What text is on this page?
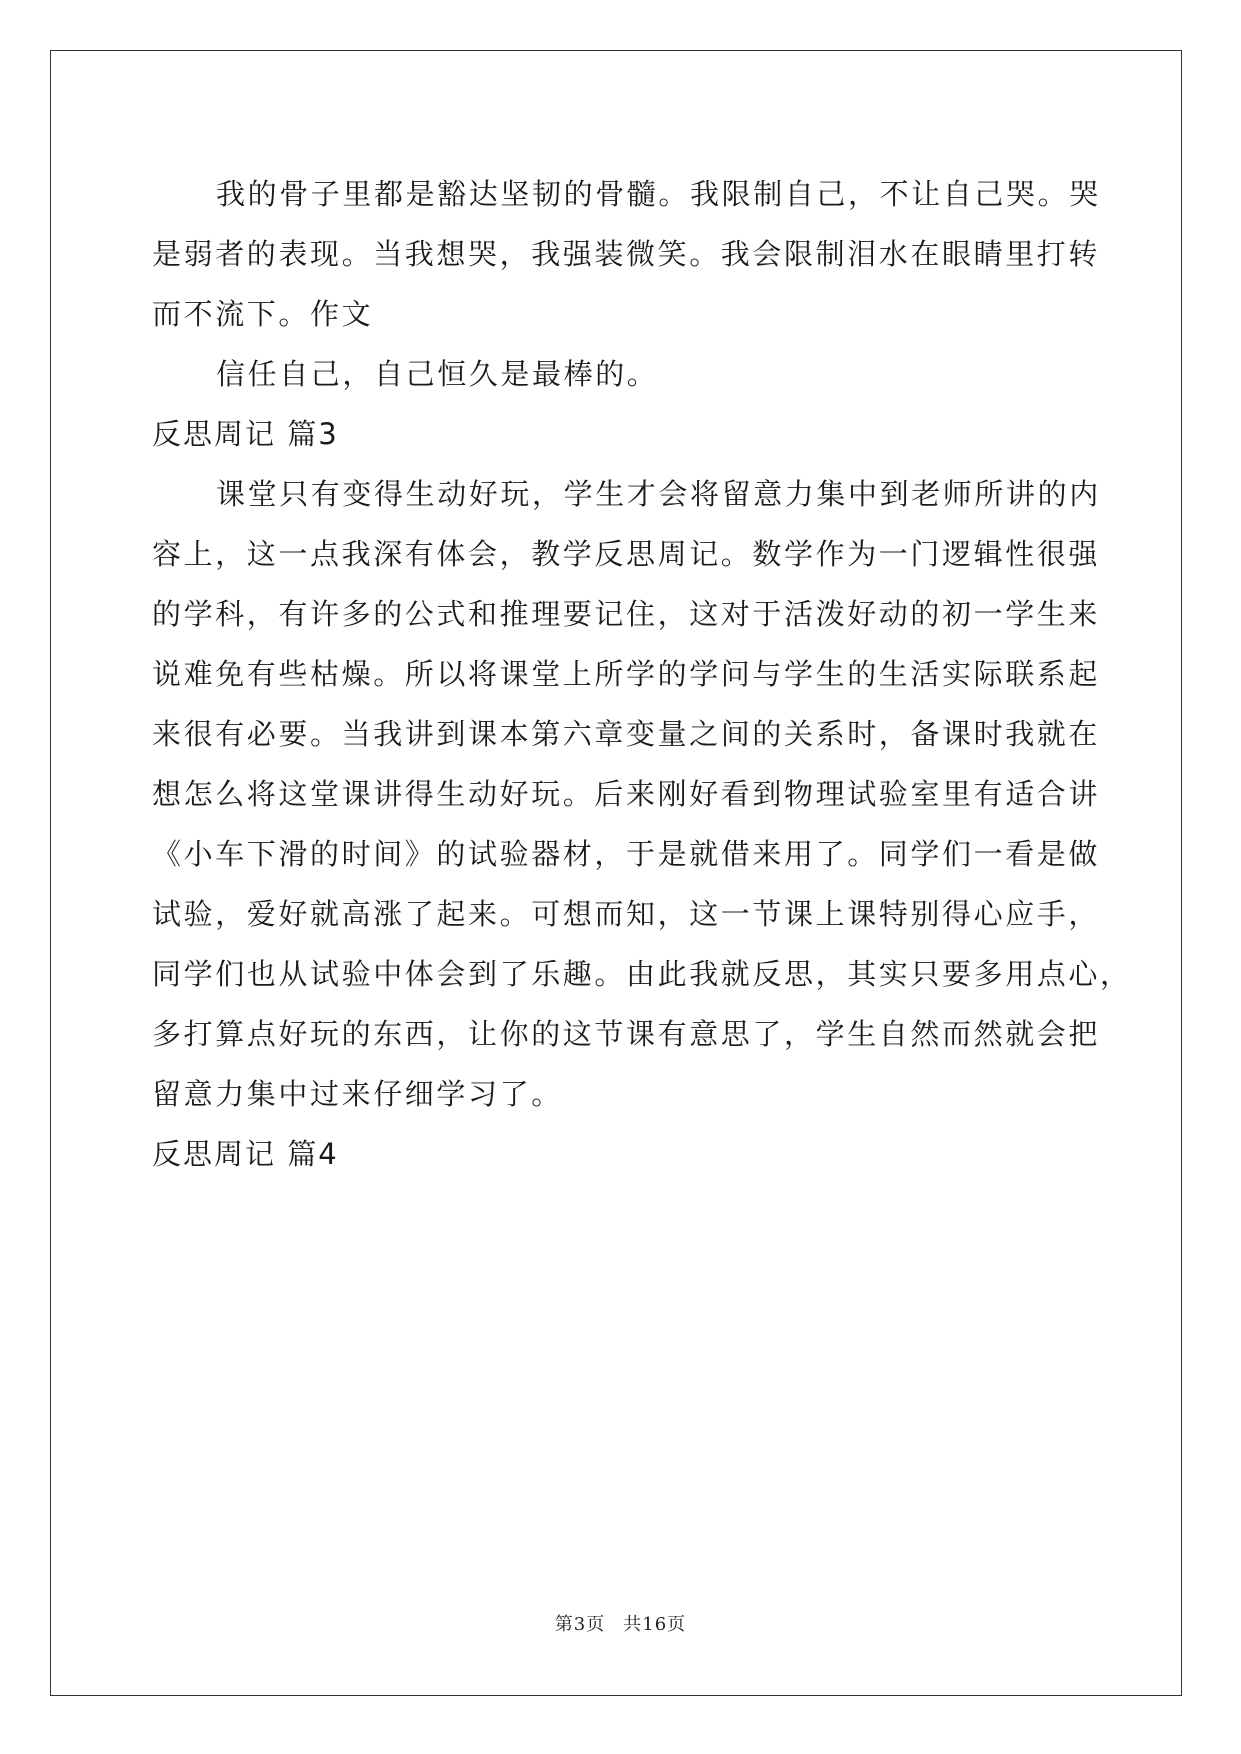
我的骨子里都是豁达坚韧的骨髓。我限制自己，不让自己哭。哭

是弱者的表现。当我想哭，我强装微笑。我会限制泪水在眼睛里打转

而不流下。作文

信任自己，自己恒久是最棒的。

反思周记 篇3

课堂只有变得生动好玩，学生才会将留意力集中到老师所讲的内

容上，这一点我深有体会，教学反思周记。数学作为一门逻辑性很强

的学科，有许多的公式和推理要记住，这对于活泼好动的初一学生来

说难免有些枯燥。所以将课堂上所学的学问与学生的生活实际联系起

来很有必要。当我讲到课本第六章变量之间的关系时，备课时我就在

想怎么将这堂课讲得生动好玩。后来刚好看到物理试验室里有适合讲

《小车下滑的时间》的试验器材，于是就借来用了。同学们一看是做

试验，爱好就高涨了起来。可想而知，这一节课上课特别得心应手，

同学们也从试验中体会到了乐趣。由此我就反思，其实只要多用点心，

多打算点好玩的东西，让你的这节课有意思了，学生自然而然就会把

留意力集中过来仔细学习了。

反思周记 篇4

第3页 共16页
